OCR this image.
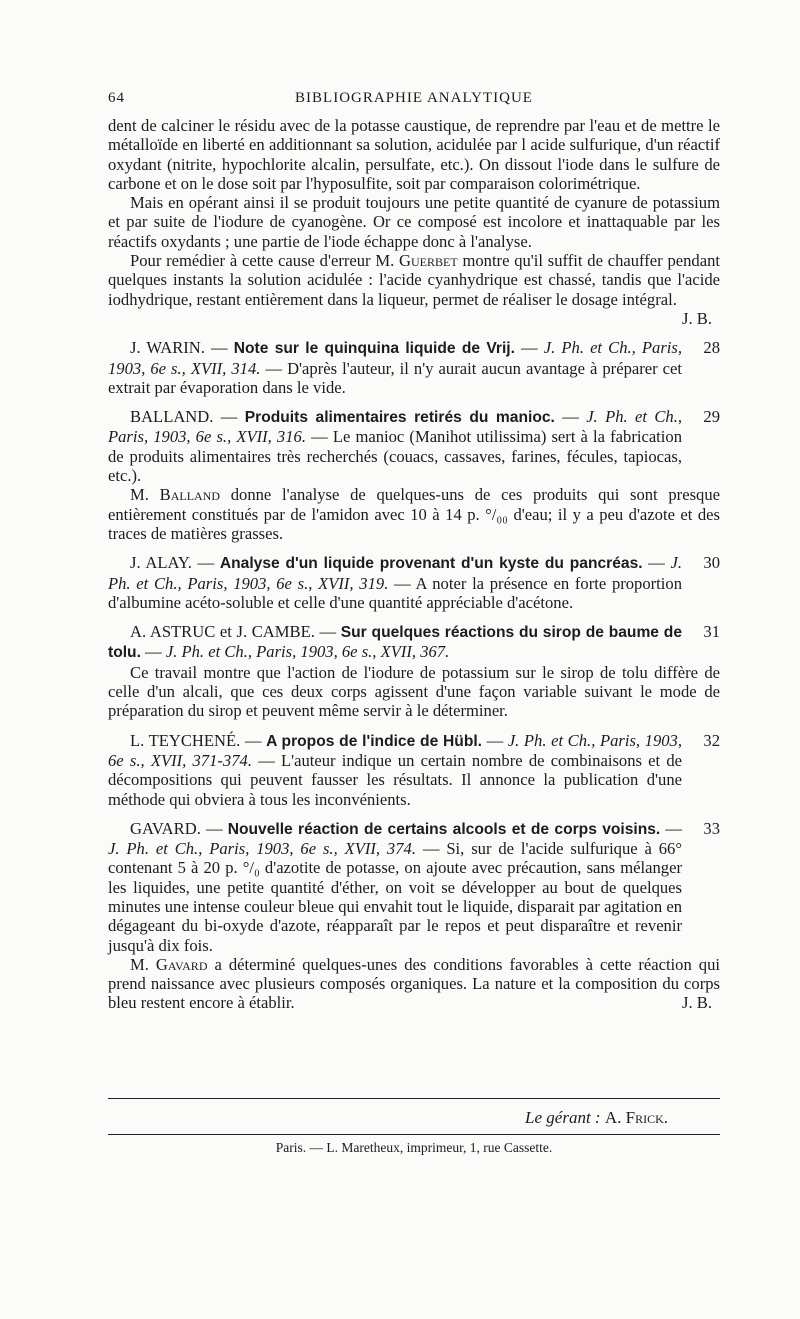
64	BIBLIOGRAPHIE ANALYTIQUE

dent de calciner le résidu avec de la potasse caustique, de reprendre par l'eau et de mettre le métalloïde en liberté en additionnant sa solution, acidulée par l acide sulfurique, d'un réactif oxydant (nitrite, hypochlorite alcalin, persulfate, etc.). On dissout l'iode dans le sulfure de carbone et on le dose soit par l'hyposulfite, soit par comparaison colorimétrique.

Mais en opérant ainsi il se produit toujours une petite quantité de cyanure de potassium et par suite de l'iodure de cyanogène. Or ce composé est incolore et inattaquable par les réactifs oxydants ; une partie de l'iode échappe donc à l'analyse.

Pour remédier à cette cause d'erreur M. Guerbet montre qu'il suffit de chauffer pendant quelques instants la solution acidulée : l'acide cyanhydrique est chassé, tandis que l'acide iodhydrique, restant entièrement dans la liqueur, permet de réaliser le dosage intégral.

J. B.

28

J. WARIN. — Note sur le quinquina liquide de Vrij. — J. Ph. et Ch., Paris, 1903, 6e s., XVII, 314. — D'après l'auteur, il n'y aurait aucun avantage à préparer cet extrait par évaporation dans le vide.

29

BALLAND. — Produits alimentaires retirés du manioc. — J. Ph. et Ch., Paris, 1903, 6e s., XVII, 316. — Le manioc (Manihot utilissima) sert à la fabrication de produits alimentaires très recherchés (couacs, cassaves, farines, fécules, tapiocas, etc.).

M. Balland donne l'analyse de quelques-uns de ces produits qui sont presque entièrement constitués par de l'amidon avec 10 à 14 p. °/₀₀ d'eau; il y a peu d'azote et des traces de matières grasses.

30

J. ALAY. — Analyse d'un liquide provenant d'un kyste du pancréas. — J. Ph. et Ch., Paris, 1903, 6e s., XVII, 319. — A noter la présence en forte proportion d'albumine acéto-soluble et celle d'une quantité appréciable d'acétone.

31

A. ASTRUC et J. CAMBE. — Sur quelques réactions du sirop de baume de tolu. — J. Ph. et Ch., Paris, 1903, 6e s., XVII, 367.

Ce travail montre que l'action de l'iodure de potassium sur le sirop de tolu diffère de celle d'un alcali, que ces deux corps agissent d'une façon variable suivant le mode de préparation du sirop et peuvent même servir à le déterminer.

32

L. TEYCHENÉ. — A propos de l'indice de Hübl. — J. Ph. et Ch., Paris, 1903, 6e s., XVII, 371-374. — L'auteur indique un certain nombre de combinaisons et de décompositions qui peuvent fausser les résultats. Il annonce la publication d'une méthode qui obviera à tous les inconvénients.

33

GAVARD. — Nouvelle réaction de certains alcools et de corps voisins. — J. Ph. et Ch., Paris, 1903, 6e s., XVII, 374. — Si, sur de l'acide sulfurique à 66° contenant 5 à 20 p. °/₀ d'azotite de potasse, on ajoute avec précaution, sans mélanger les liquides, une petite quantité d'éther, on voit se développer au bout de quelques minutes une intense couleur bleue qui envahit tout le liquide, disparait par agitation en dégageant du bi-oxyde d'azote, réapparaît par le repos et peut disparaître et revenir jusqu'à dix fois.

M. Gavard a déterminé quelques-unes des conditions favorables à cette réaction qui prend naissance avec plusieurs composés organiques. La nature et la composition du corps bleu restent encore à établir.	J. B.

Le gérant : A. Frick.
Paris. — L. Maretheux, imprimeur, 1, rue Cassette.
